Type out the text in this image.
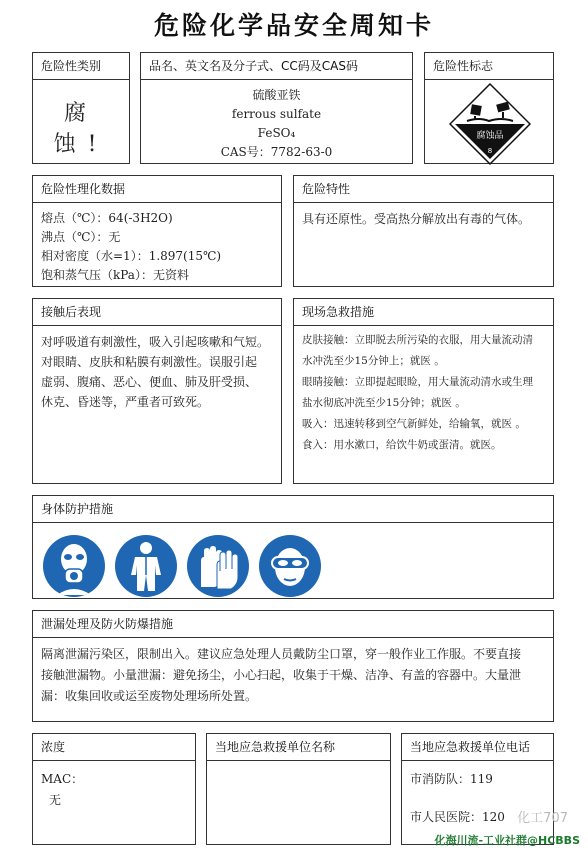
危险化学品安全周知卡
危险性类别
腐 蚀!
品名、英文名及分子式、CC码及CAS码
硫酸亚铁
ferrous sulfate
FeSO₄
CAS号：7782-63-0
危险性标志
腐蚀品
8
危险性理化数据
熔点（℃）：64(-3H2O)
沸点（℃）：无
相对密度（水=1）：1.897(15℃)
饱和蒸气压（kPa）：无资料
危险特性
具有还原性。受高热分解放出有毒的气体。
接触后表现
对呼吸道有刺激性，吸入引起咳嗽和气短。
对眼睛、皮肤和粘膜有刺激性。误服引起
虚弱、腹痛、恶心、便血、肺及肝受损、
休克、昏迷等，严重者可致死。
现场急救措施
皮肤接触：立即脱去所污染的衣服，用大量流动清
水冲洗至少15分钟上；就医 。
眼睛接触：立即提起眼睑，用大量流动清水或生理
盐水彻底冲洗至少15分钟；就医 。
吸入：迅速转移到空气新鲜处，给输氧，就医 。
食入：用水漱口，给饮牛奶或蛋清。就医。
身体防护措施
泄漏处理及防火防爆措施
隔离泄漏污染区，限制出入。建议应急处理人员戴防尘口罩，穿一般作业工作服。不要直接
接触泄漏物。小量泄漏：避免扬尘，小心扫起，收集于干燥、洁净、有盖的容器中。大量泄
漏：收集回收或运至废物处理场所处置。
浓度
MAC：
无
当地应急救援单位名称	当地应急救援单位电话
市消防队：119
市人民医院：120 化工707
化海川流-工业社群@HCBBS
